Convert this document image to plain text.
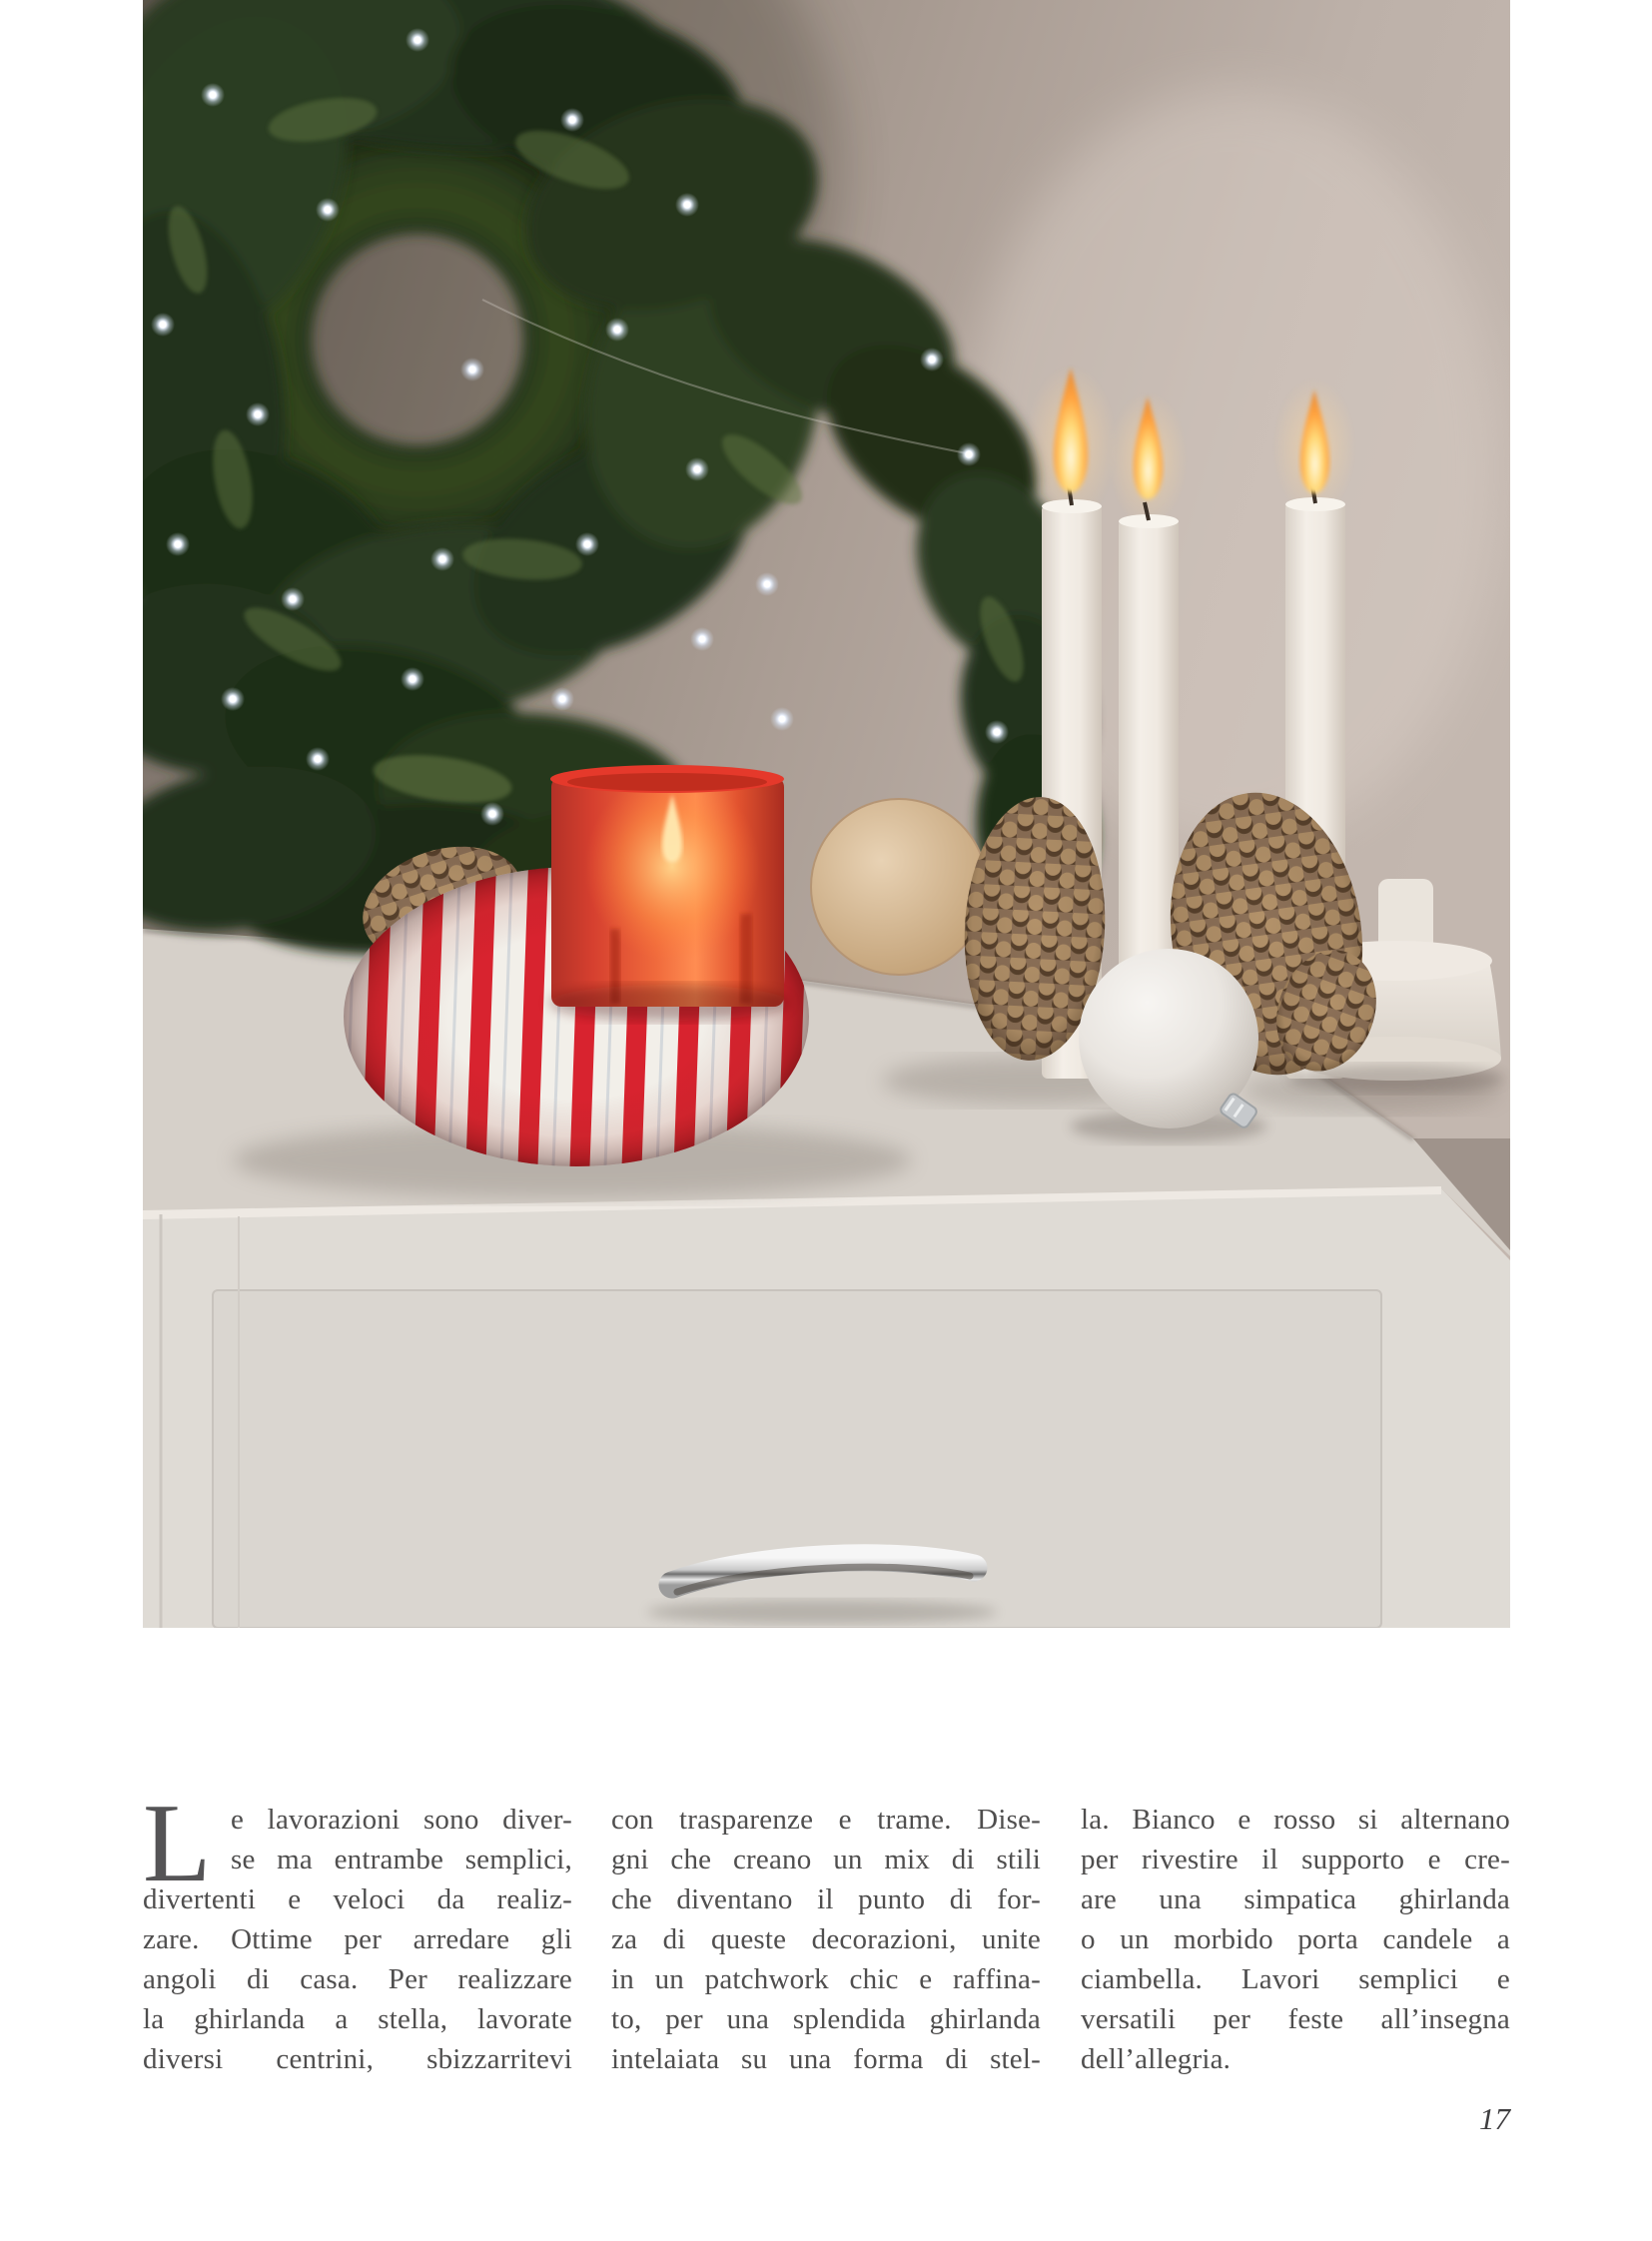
L e lavorazioni sono diver-
se ma entrambe semplici,
divertenti e veloci da realiz-
zare. Ottime per arredare gli
angoli di casa. Per realizzare
la ghirlanda a stella, lavorate
diversi centrini, sbizzarritevi
con trasparenze e trame. Dise-
gni che creano un mix di stili
che diventano il punto di for-
za di queste decorazioni, unite
in un patchwork chic e raffina-
to, per una splendida ghirlanda
intelaiata su una forma di stel-
la. Bianco e rosso si alternano
per rivestire il supporto e cre-
are una simpatica ghirlanda
o un morbido porta candele a
ciambella. Lavori semplici e
versatili per feste all’insegna
dell’allegria.
17
